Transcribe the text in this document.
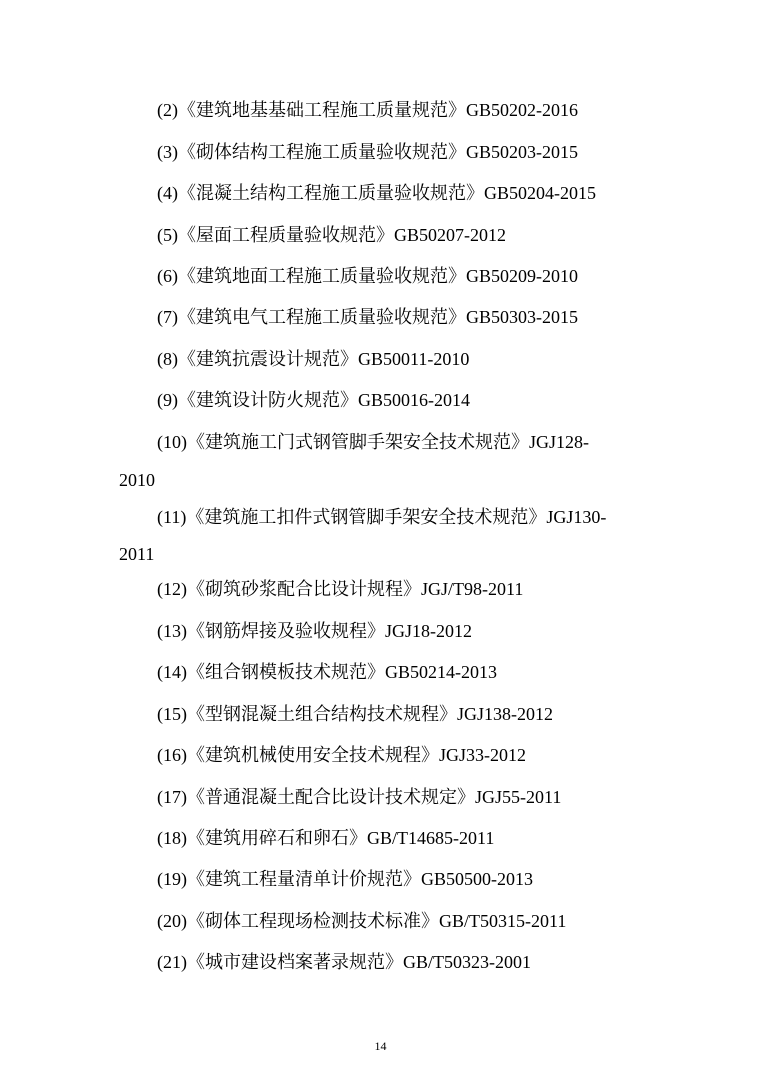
(2)《建筑地基基础工程施工质量规范》GB50202-2016
(3)《砌体结构工程施工质量验收规范》GB50203-2015
(4)《混凝土结构工程施工质量验收规范》GB50204-2015
(5)《屋面工程质量验收规范》GB50207-2012
(6)《建筑地面工程施工质量验收规范》GB50209-2010
(7)《建筑电气工程施工质量验收规范》GB50303-2015
(8)《建筑抗震设计规范》GB50011-2010
(9)《建筑设计防火规范》GB50016-2014
(10)《建筑施工门式钢管脚手架安全技术规范》JGJ128-
2010
(11)《建筑施工扣件式钢管脚手架安全技术规范》JGJ130-
2011
(12)《砌筑砂浆配合比设计规程》JGJ/T98-2011
(13)《钢筋焊接及验收规程》JGJ18-2012
(14)《组合钢模板技术规范》GB50214-2013
(15)《型钢混凝土组合结构技术规程》JGJ138-2012
(16)《建筑机械使用安全技术规程》JGJ33-2012
(17)《普通混凝土配合比设计技术规定》JGJ55-2011
(18)《建筑用碎石和卵石》GB/T14685-2011
(19)《建筑工程量清单计价规范》GB50500-2013
(20)《砌体工程现场检测技术标准》GB/T50315-2011
(21)《城市建设档案著录规范》GB/T50323-2001
14
